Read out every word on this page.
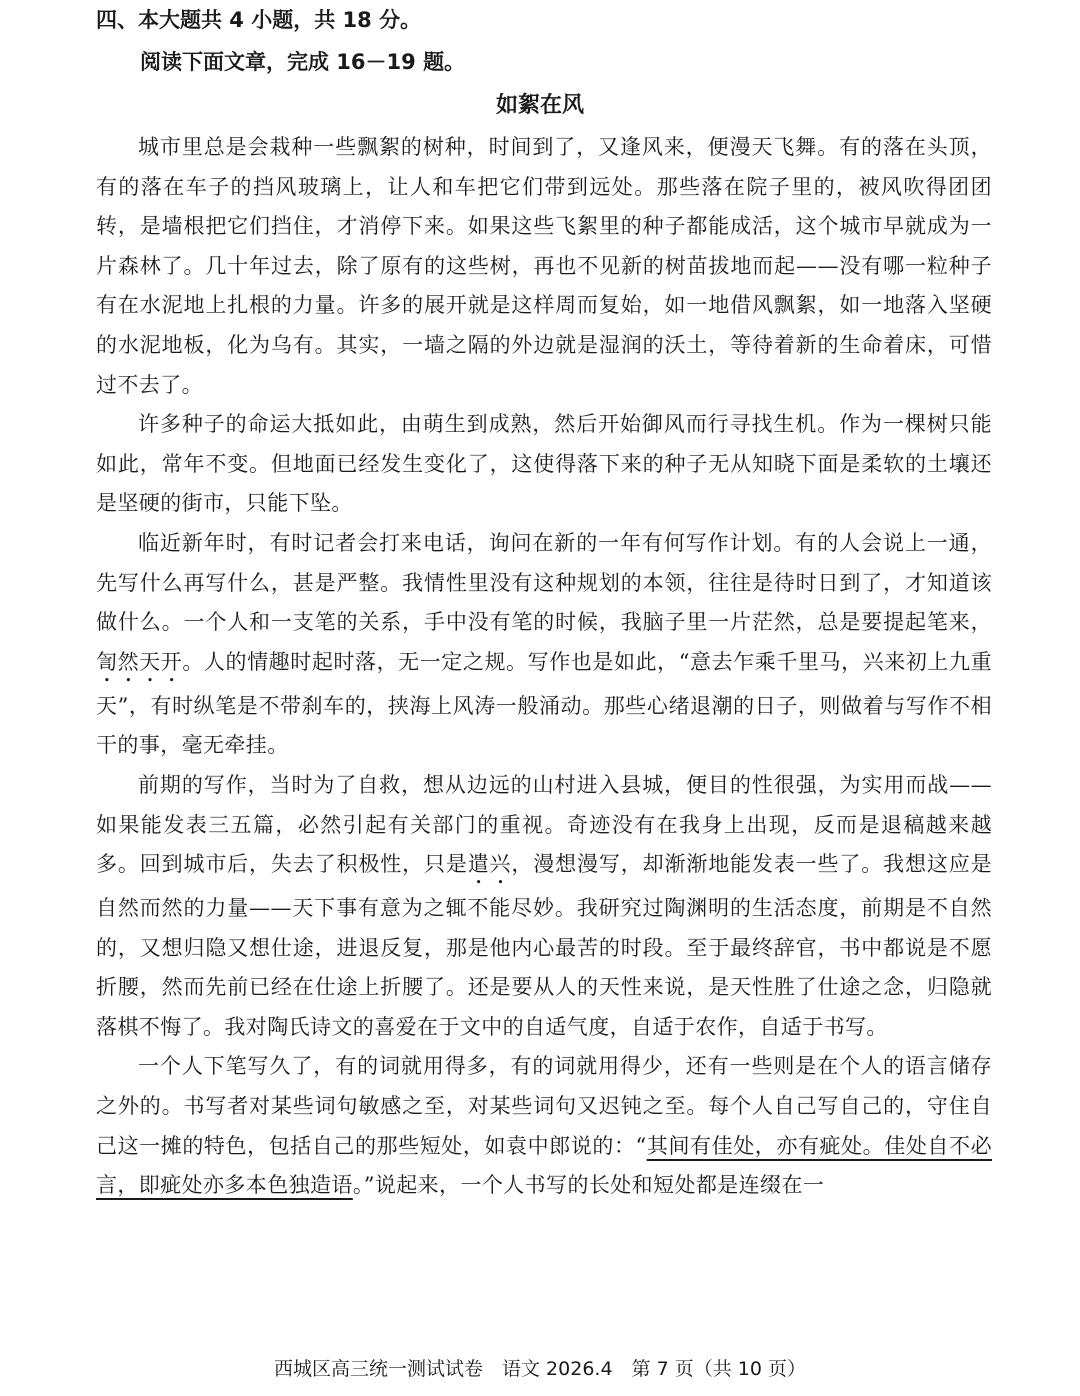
四、本大题共 4 小题，共 18 分。
阅读下面文章，完成 16－19 题。
如絮在风

城市里总是会栽种一些飘絮的树种，时间到了，又逢风来，便漫天飞舞。有的落在头顶，有的落在车子的挡风玻璃上，让人和车把它们带到远处。那些落在院子里的，被风吹得团团转，是墙根把它们挡住，才消停下来。如果这些飞絮里的种子都能成活，这个城市早就成为一片森林了。几十年过去，除了原有的这些树，再也不见新的树苗拔地而起——没有哪一粒种子有在水泥地上扎根的力量。许多的展开就是这样周而复始，如一地借风飘絮，如一地落入坚硬的水泥地板，化为乌有。其实，一墙之隔的外边就是湿润的沃土，等待着新的生命着床，可惜过不去了。

许多种子的命运大抵如此，由萌生到成熟，然后开始御风而行寻找生机。作为一棵树只能如此，常年不变。但地面已经发生变化了，这使得落下来的种子无从知晓下面是柔软的土壤还是坚硬的街市，只能下坠。

临近新年时，有时记者会打来电话，询问在新的一年有何写作计划。有的人会说上一通，先写什么再写什么，甚是严整。我情性里没有这种规划的本领，往往是待时日到了，才知道该做什么。一个人和一支笔的关系，手中没有笔的时候，我脑子里一片茫然，总是要提起笔来，訇然天开。人的情趣时起时落，无一定之规。写作也是如此，“意去乍乘千里马，兴来初上九重天”，有时纵笔是不带刹车的，挟海上风涛一般涌动。那些心绪退潮的日子，则做着与写作不相干的事，毫无牵挂。

前期的写作，当时为了自救，想从边远的山村进入县城，便目的性很强，为实用而战——如果能发表三五篇，必然引起有关部门的重视。奇迹没有在我身上出现，反而是退稿越来越多。回到城市后，失去了积极性，只是遣兴，漫想漫写，却渐渐地能发表一些了。我想这应是自然而然的力量——天下事有意为之辄不能尽妙。我研究过陶渊明的生活态度，前期是不自然的，又想归隐又想仕途，进退反复，那是他内心最苦的时段。至于最终辞官，书中都说是不愿折腰，然而先前已经在仕途上折腰了。还是要从人的天性来说，是天性胜了仕途之念，归隐就落棋不悔了。我对陶氏诗文的喜爱在于文中的自适气度，自适于农作，自适于书写。

一个人下笔写久了，有的词就用得多，有的词就用得少，还有一些则是在个人的语言储存之外的。书写者对某些词句敏感之至，对某些词句又迟钝之至。每个人自己写自己的，守住自己这一摊的特色，包括自己的那些短处，如袁中郎说的：“其间有佳处，亦有疵处。佳处自不必言，即疵处亦多本色独造语。”说起来，一个人书写的长处和短处都是连缀在一

西城区高三统一测试试卷　语文 2026.4　第 7 页（共 10 页）
